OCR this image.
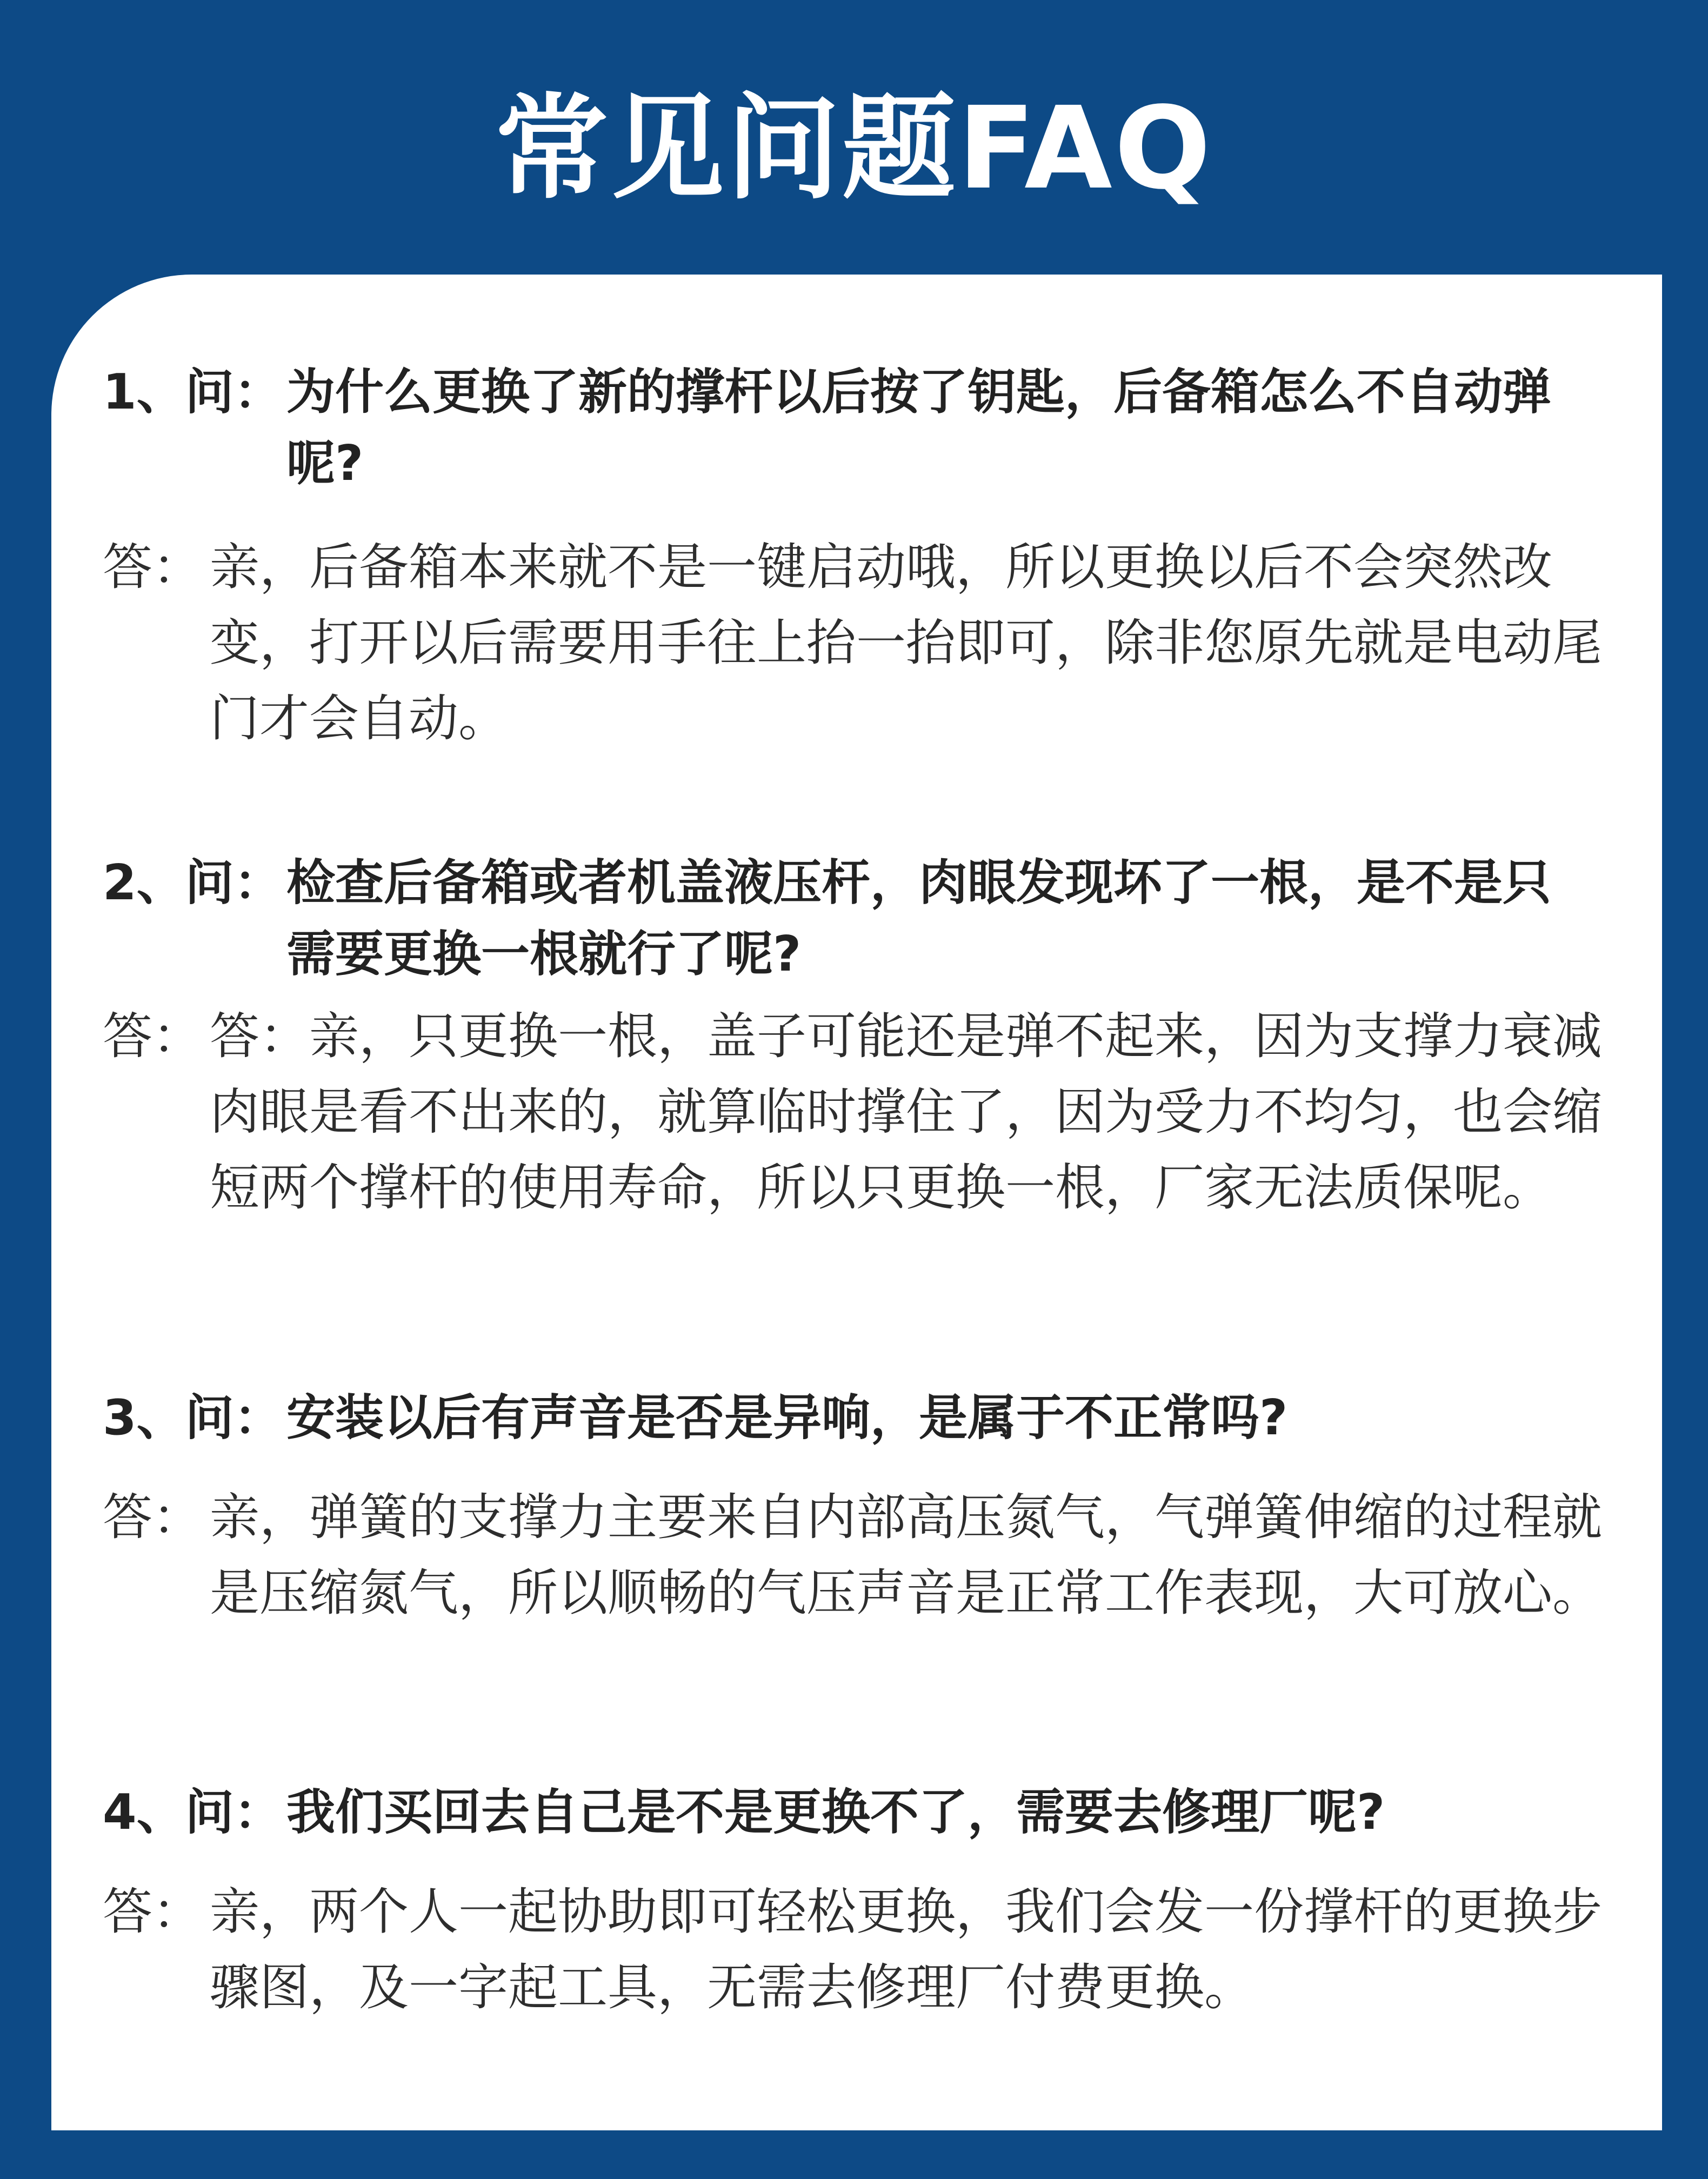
常见问题FAQ
1、问： 为什么更换了新的撑杆以后按了钥匙，后备箱怎么不自动弹呢?
答： 亲，后备箱本来就不是一键启动哦，所以更换以后不会突然改变，打开以后需要用手往上抬一抬即可，除非您原先就是电动尾门才会自动。
2、问： 检查后备箱或者机盖液压杆，肉眼发现坏了一根，是不是只需要更换一根就行了呢?
答： 答：亲，只更换一根，盖子可能还是弹不起来，因为支撑力衰减肉眼是看不出来的，就算临时撑住了，因为受力不均匀，也会缩短两个撑杆的使用寿命，所以只更换一根，厂家无法质保呢。
3、问： 安装以后有声音是否是异响，是属于不正常吗?
答： 亲，弹簧的支撑力主要来自内部高压氮气，气弹簧伸缩的过程就是压缩氮气，所以顺畅的气压声音是正常工作表现，大可放心。
4、问： 我们买回去自己是不是更换不了，需要去修理厂呢?
答： 亲，两个人一起协助即可轻松更换，我们会发一份撑杆的更换步骤图，及一字起工具，无需去修理厂付费更换。
